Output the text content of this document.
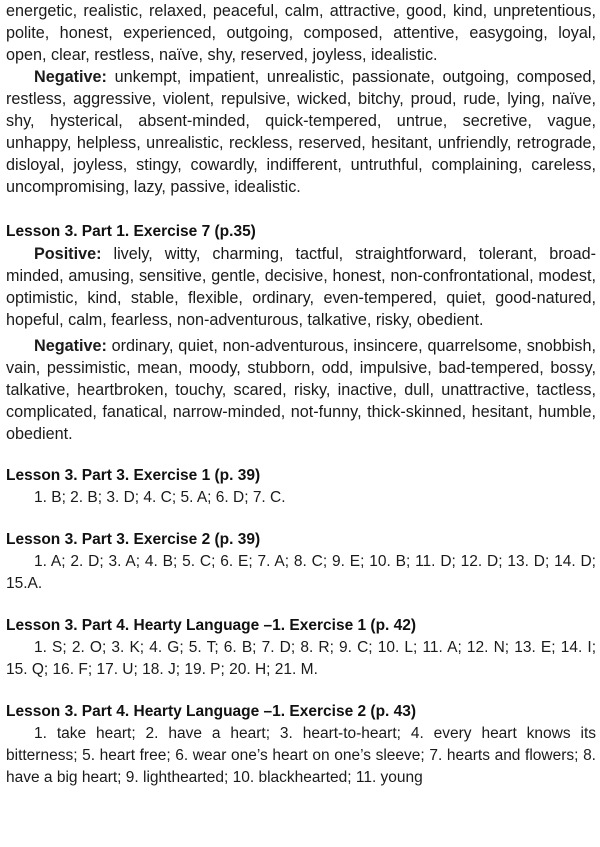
energetic, realistic, relaxed, peaceful, calm, attractive, good, kind, unpretentious, polite, honest, experienced, outgoing, composed, attentive, easygoing, loyal, open, clear, restless, naïve, shy, reserved, joyless, idealistic.

Negative: unkempt, impatient, unrealistic, passionate, outgoing, composed, restless, aggressive, violent, repulsive, wicked, bitchy, proud, rude, lying, naïve, shy, hysterical, absent-minded, quick-tempered, untrue, secretive, vague, unhappy, helpless, unrealistic, reckless, reserved, hesitant, unfriendly, retrograde, disloyal, joyless, stingy, cowardly, indifferent, untruthful, complaining, careless, uncompromising, lazy, passive, idealistic.

Lesson 3. Part 1. Exercise 7 (p.35)

Positive: lively, witty, charming, tactful, straightforward, tolerant, broad-minded, amusing, sensitive, gentle, decisive, honest, non-confrontational, modest, optimistic, kind, stable, flexible, ordinary, even-tempered, quiet, good-natured, hopeful, calm, fearless, non-adventurous, talkative, risky, obedient.

Negative: ordinary, quiet, non-adventurous, insincere, quarrelsome, snobbish, vain, pessimistic, mean, moody, stubborn, odd, impulsive, bad-tempered, bossy, talkative, heartbroken, touchy, scared, risky, inactive, dull, unattractive, tactless, complicated, fanatical, narrow-minded, not-funny, thick-skinned, hesitant, humble, obedient.

Lesson 3. Part 3. Exercise 1 (p. 39)

1. B; 2. B; 3. D; 4. C; 5. A; 6. D; 7. C.

Lesson 3. Part 3. Exercise 2 (p. 39)

1. A; 2. D; 3. A; 4. B; 5. C; 6. E; 7. A; 8. C; 9. E; 10. B; 11. D; 12. D; 13. D; 14. D; 15.A.

Lesson 3. Part 4. Hearty Language –1. Exercise 1 (p. 42)

1. S; 2. O; 3. K; 4. G; 5. T; 6. B; 7. D; 8. R; 9. C; 10. L; 11. A; 12. N; 13. E; 14. I; 15. Q; 16. F; 17. U; 18. J; 19. P; 20. H; 21. M.

Lesson 3. Part 4. Hearty Language –1. Exercise 2 (p. 43)

1. take heart; 2. have a heart; 3. heart-to-heart; 4. every heart knows its bitterness; 5. heart free; 6. wear one’s heart on one’s sleeve; 7. hearts and flowers; 8. have a big heart; 9. lighthearted; 10. blackhearted; 11. young
